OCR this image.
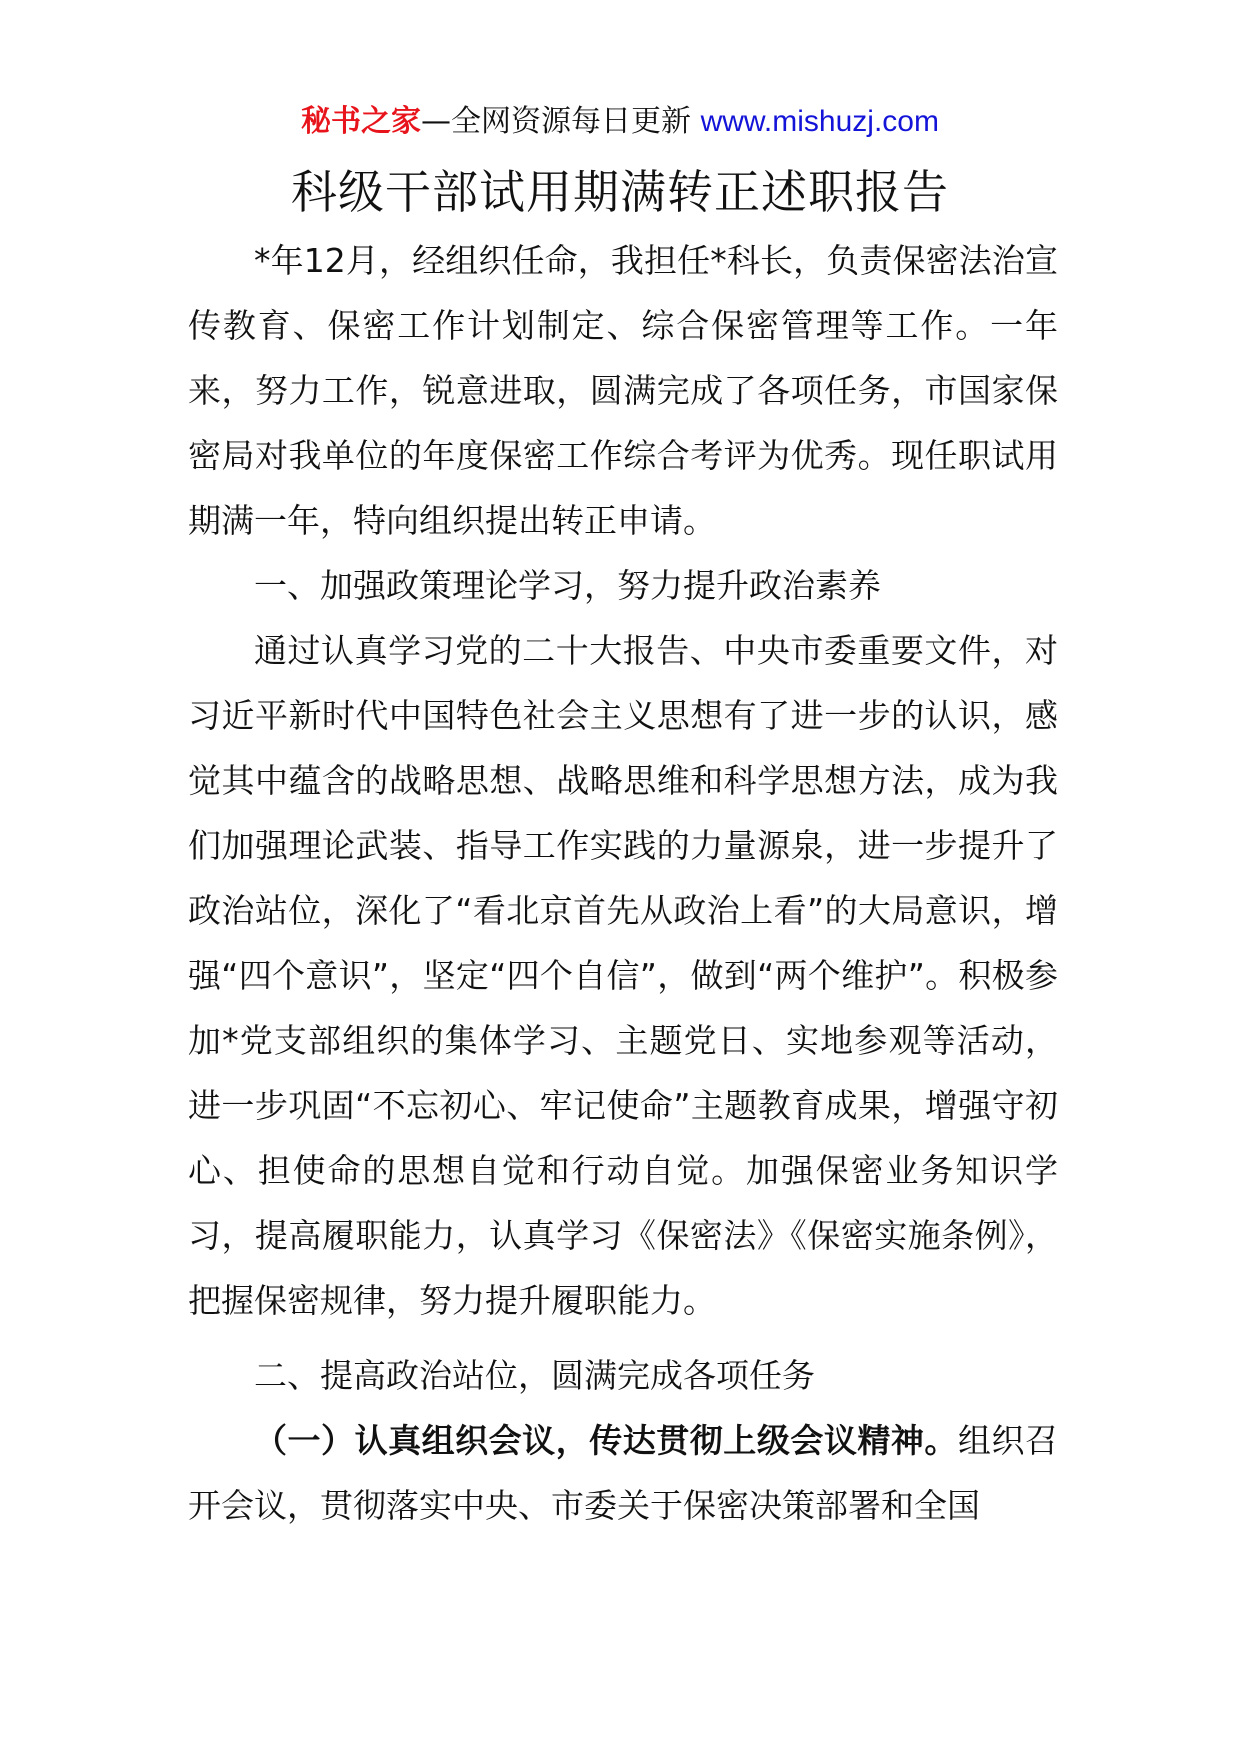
秘书之家—全网资源每日更新 www.mishuzj.com
科级干部试用期满转正述职报告

*年12月，经组织任命，我担任*科长，负责保密法治宣传教育、保密工作计划制定、综合保密管理等工作。一年来，努力工作，锐意进取，圆满完成了各项任务，市国家保密局对我单位的年度保密工作综合考评为优秀。现任职试用期满一年，特向组织提出转正申请。

一、加强政策理论学习，努力提升政治素养

通过认真学习党的二十大报告、中央市委重要文件，对习近平新时代中国特色社会主义思想有了进一步的认识，感觉其中蕴含的战略思想、战略思维和科学思想方法，成为我们加强理论武装、指导工作实践的力量源泉，进一步提升了政治站位，深化了“看北京首先从政治上看”的大局意识，增强“四个意识”，坚定“四个自信”，做到“两个维护”。积极参加*党支部组织的集体学习、主题党日、实地参观等活动，进一步巩固“不忘初心、牢记使命”主题教育成果，增强守初心、担使命的思想自觉和行动自觉。加强保密业务知识学习，提高履职能力，认真学习《保密法》《保密实施条例》，把握保密规律，努力提升履职能力。

二、提高政治站位，圆满完成各项任务

（一）认真组织会议，传达贯彻上级会议精神。组织召开会议，贯彻落实中央、市委关于保密决策部署和全国
